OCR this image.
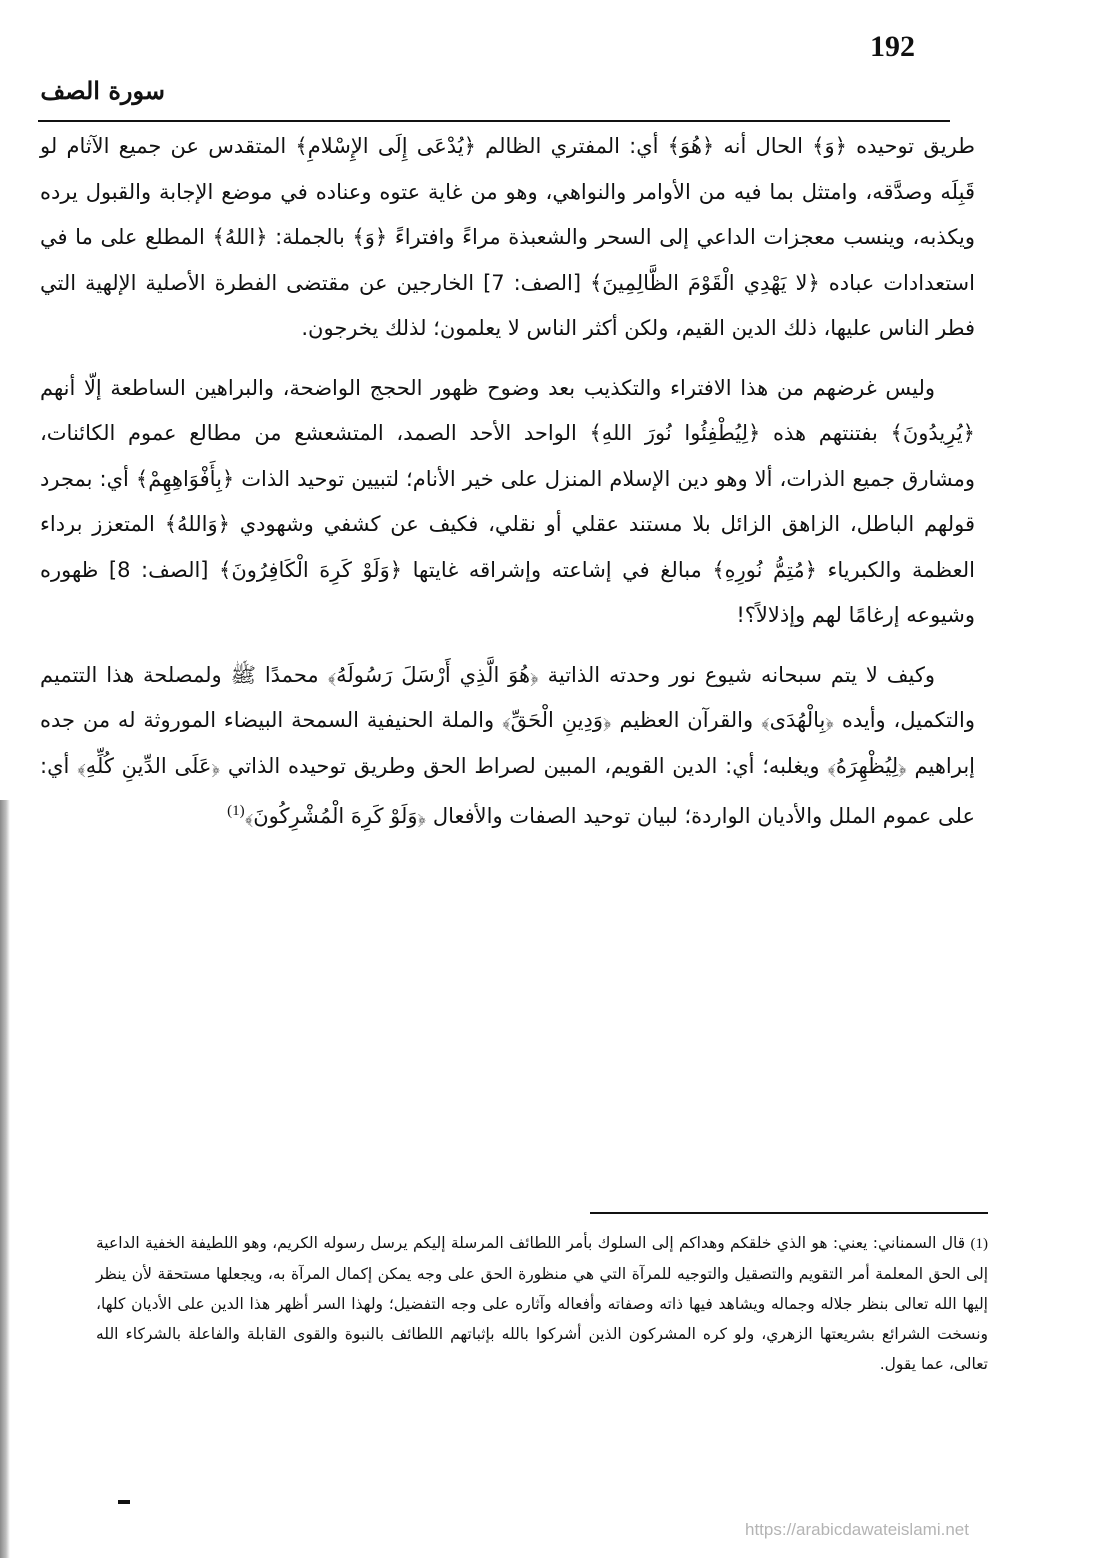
192
سورة الصف

طريق توحيده ﴿وَ﴾ الحال أنه ﴿هُوَ﴾ أي: المفتري الظالم ﴿يُدْعَى إِلَى الإِسْلامِ﴾ المتقدس عن جميع الآثام لو قَبِلَه وصدَّقه، وامتثل بما فيه من الأوامر والنواهي، وهو من غاية عتوه وعناده في موضع الإجابة والقبول يرده ويكذبه، وينسب معجزات الداعي إلى السحر والشعبذة مراءً وافتراءً ﴿وَ﴾ بالجملة: ﴿اللهُ﴾ المطلع على ما في استعدادات عباده ﴿لا يَهْدِي الْقَوْمَ الظَّالِمِينَ﴾ [الصف: 7] الخارجين عن مقتضى الفطرة الأصلية الإلهية التي فطر الناس عليها، ذلك الدين القيم، ولكن أكثر الناس لا يعلمون؛ لذلك يخرجون.

وليس غرضهم من هذا الافتراء والتكذيب بعد وضوح ظهور الحجج الواضحة، والبراهين الساطعة إلّا أنهم ﴿يُرِيدُونَ﴾ بفتنتهم هذه ﴿لِيُطْفِئُوا نُورَ اللهِ﴾ الواحد الأحد الصمد، المتشعشع من مطالع عموم الكائنات، ومشارق جميع الذرات، ألا وهو دين الإسلام المنزل على خير الأنام؛ لتبيين توحيد الذات ﴿بِأَفْوَاهِهِمْ﴾ أي: بمجرد قولهم الباطل، الزاهق الزائل بلا مستند عقلي أو نقلي، فكيف عن كشفي وشهودي ﴿وَاللهُ﴾ المتعزز برداء العظمة والكبرياء ﴿مُتِمُّ نُورِهِ﴾ مبالغ في إشاعته وإشراقه غايتها ﴿وَلَوْ كَرِهَ الْكَافِرُونَ﴾ [الصف: 8] ظهوره وشيوعه إرغامًا لهم وإذلالاً؟!

وكيف لا يتم سبحانه شيوع نور وحدته الذاتية ﴿هُوَ الَّذِي أَرْسَلَ رَسُولَهُ﴾ محمدًا ﷺ ولمصلحة هذا التتميم والتكميل، وأيده ﴿بِالْهُدَى﴾ والقرآن العظيم ﴿وَدِينِ الْحَقِّ﴾ والملة الحنيفية السمحة البيضاء الموروثة له من جده إبراهيم ﴿لِيُظْهِرَهُ﴾ ويغلبه؛ أي: الدين القويم، المبين لصراط الحق وطريق توحيده الذاتي ﴿عَلَى الدِّينِ كُلِّهِ﴾ أي: على عموم الملل والأديان الواردة؛ لبيان توحيد الصفات والأفعال ﴿وَلَوْ كَرِهَ الْمُشْرِكُونَ﴾$^{(1)}$

(1) قال السمناني: يعني: هو الذي خلقكم وهداكم إلى السلوك بأمر اللطائف المرسلة إليكم يرسل رسوله الكريم، وهو اللطيفة الخفية الداعية إلى الحق المعلمة أمر التقويم والتصقيل والتوجيه للمرآة التي هي منظورة الحق على وجه يمكن إكمال المرآة به، ويجعلها مستحقة لأن ينظر إليها الله تعالى بنظر جلاله وجماله ويشاهد فيها ذاته وصفاته وأفعاله وآثاره على وجه التفضيل؛ ولهذا السر أظهر هذا الدين على الأديان كلها، ونسخت الشرائع بشريعتها الزهري، ولو كره المشركون الذين أشركوا بالله بإثباتهم اللطائف بالنبوة والقوى القابلة والفاعلة بالشركاء الله تعالى، عما يقول.
https://arabicdawateislami.net
